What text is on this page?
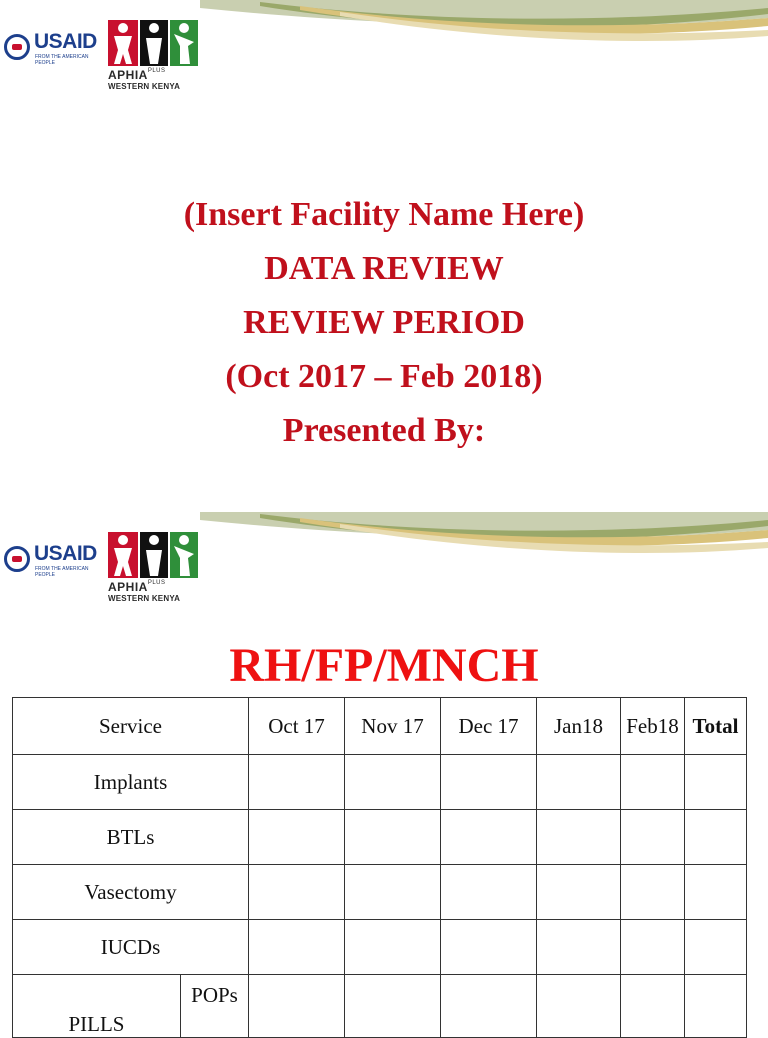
USAID
FROM THE AMERICAN PEOPLE
$APHIA^{PLUS}$
WESTERN KENYA
(Insert Facility Name Here)
DATA REVIEW
REVIEW PERIOD
(Oct 2017 – Feb 2018)
Presented By:
USAID
FROM THE AMERICAN PEOPLE
$APHIA^{PLUS}$
WESTERN KENYA
RH/FP/MNCH
Service		Oct 17	Nov 17	Dec 17	Jan18	Feb18	Total
Implants							
BTLs							
Vasectomy							
IUCDs							
PILLS	POPs						
